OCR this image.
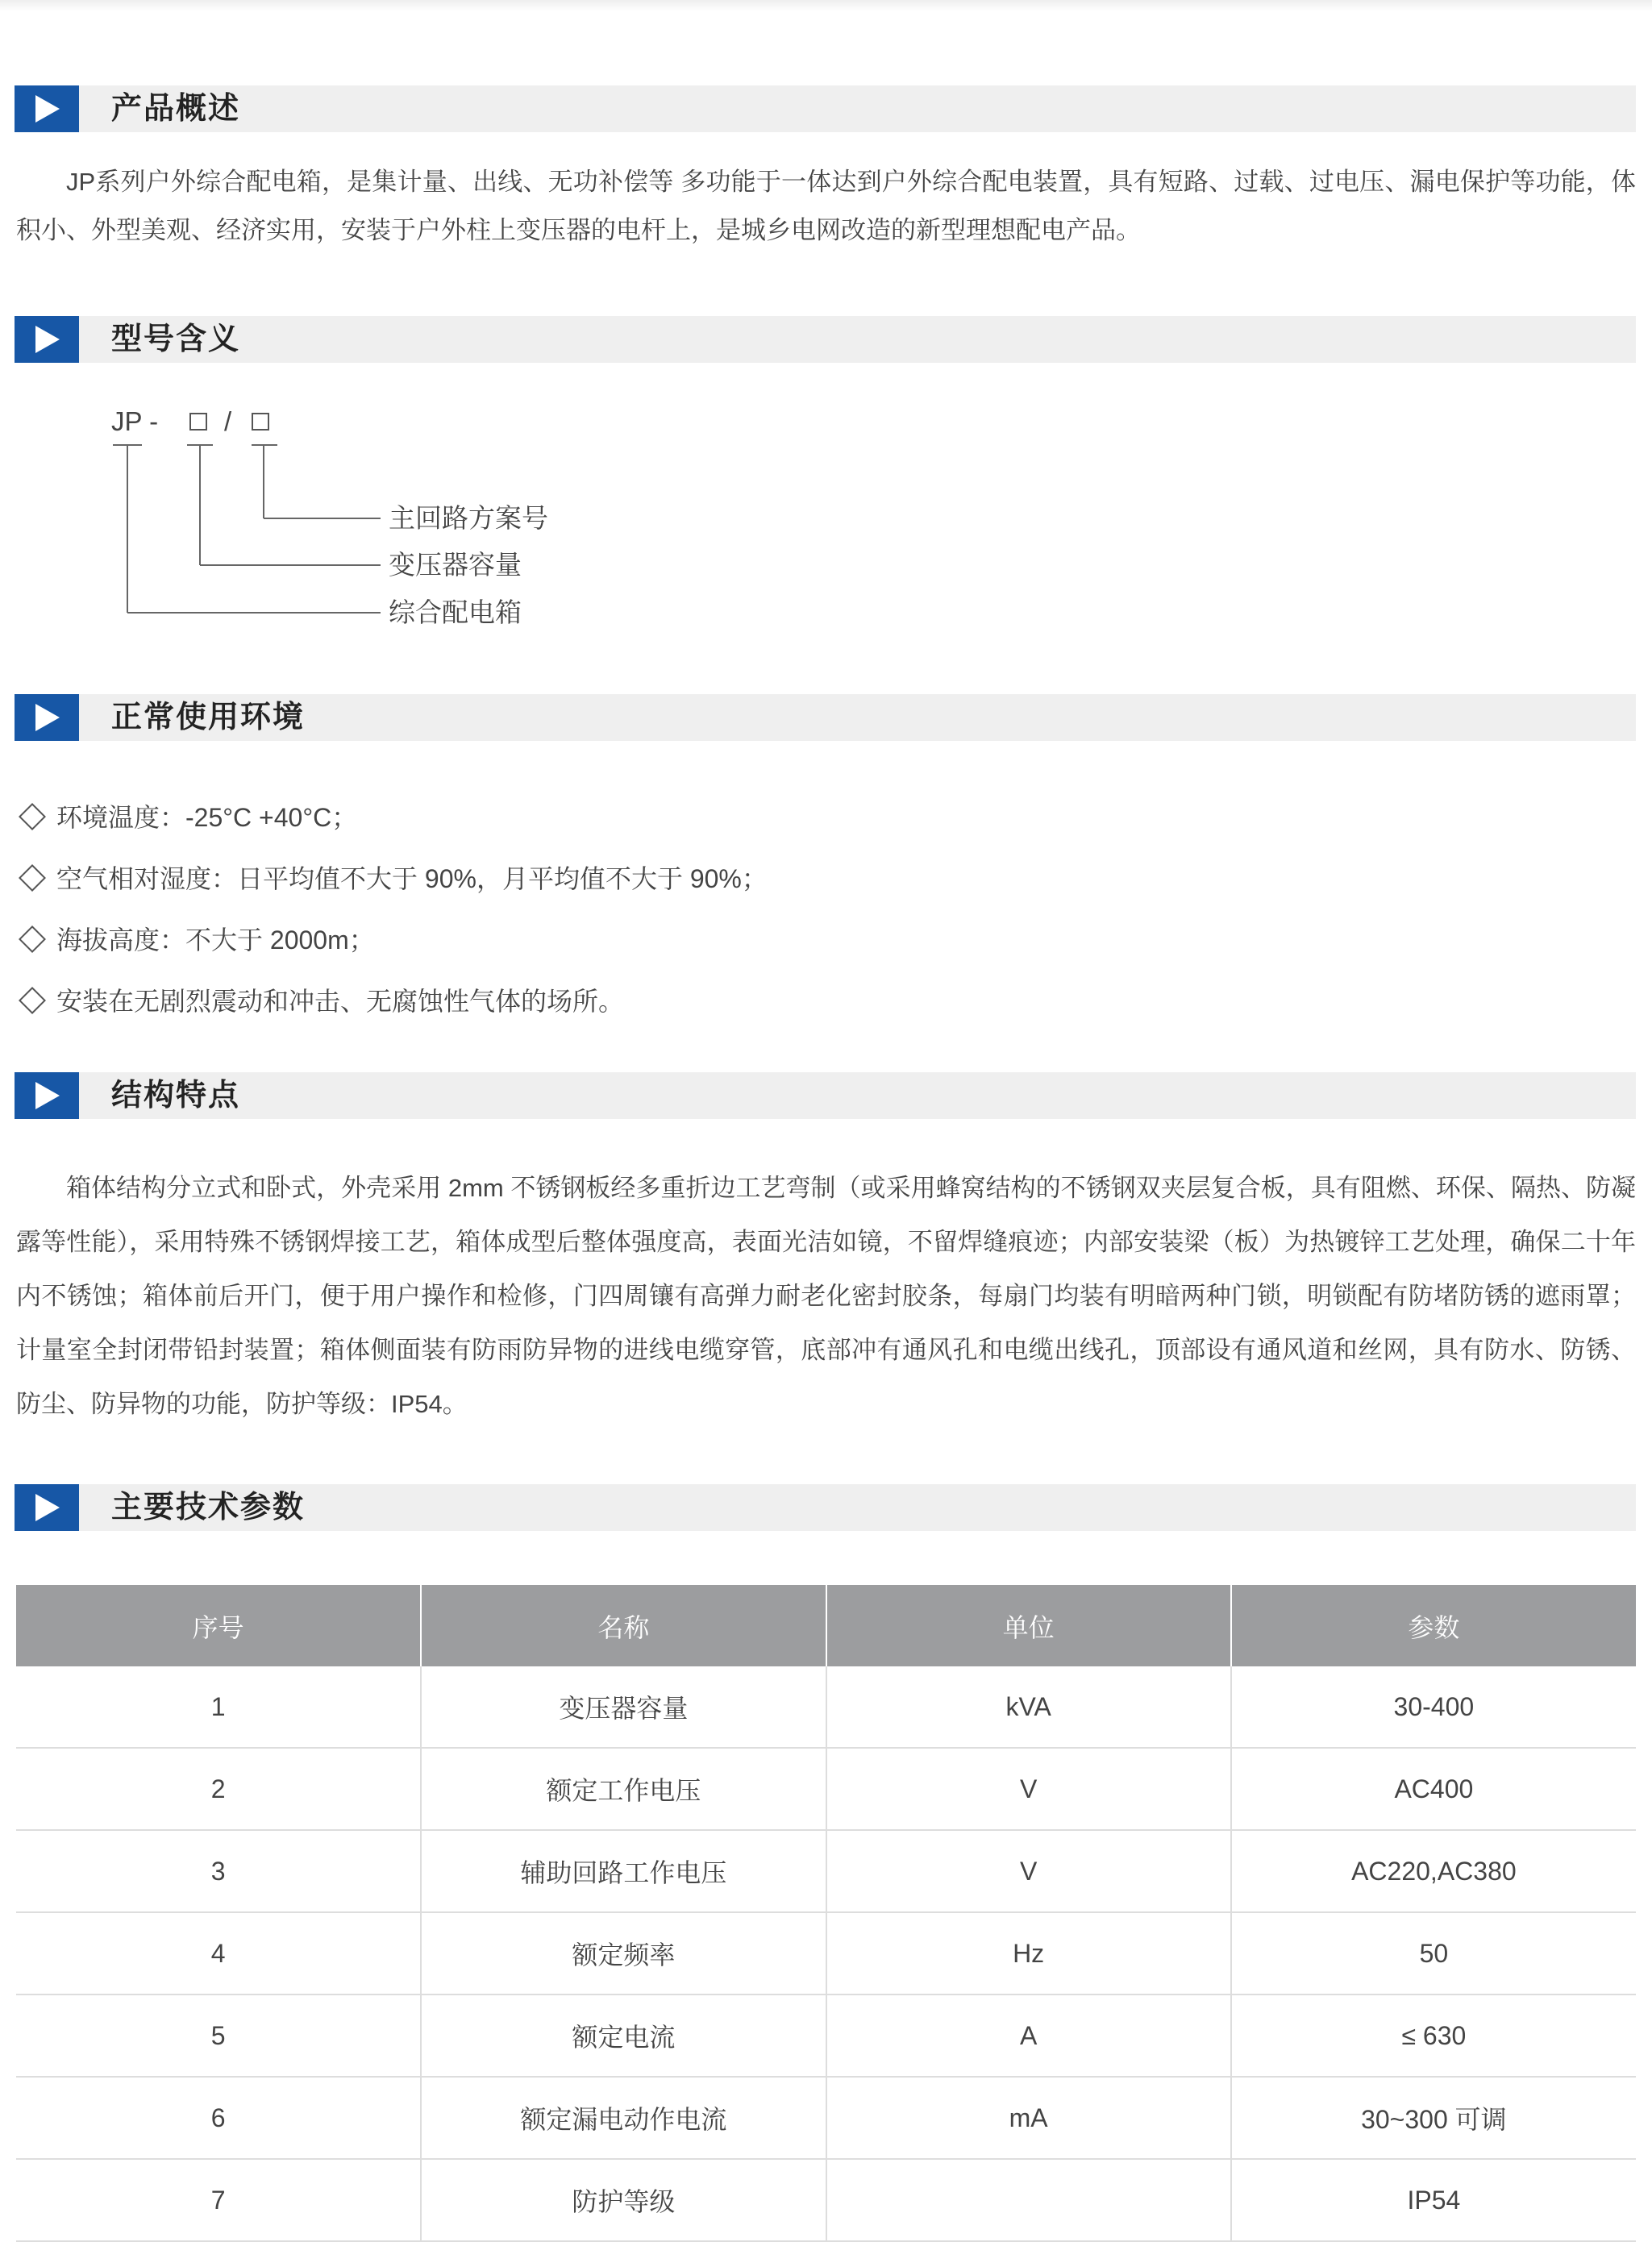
产品概述

JP系列户外综合配电箱，是集计量、出线、无功补偿等 多功能于一体达到户外综合配电装置，具有短路、过载、过电压、漏电保护等功能，体积小、外型美观、经济实用，安装于户外柱上变压器的电杆上，是城乡电网改造的新型理想配电产品。

型号含义
JP - /
主回路方案号
变压器容量
综合配电箱
正常使用环境
环境温度：-25°C +40°C；
空气相对湿度：日平均值不大于 90%，月平均值不大于 90%；
海拔高度：不大于 2000m；
安装在无剧烈震动和冲击、无腐蚀性气体的场所。
结构特点

箱体结构分立式和卧式，外壳采用 2mm 不锈钢板经多重折边工艺弯制（或采用蜂窝结构的不锈钢双夹层复合板，具有阻燃、环保、隔热、防凝露等性能），采用特殊不锈钢焊接工艺，箱体成型后整体强度高，表面光洁如镜，不留焊缝痕迹；内部安装梁（板）为热镀锌工艺处理，确保二十年内不锈蚀；箱体前后开门，便于用户操作和检修，门四周镶有高弹力耐老化密封胶条，每扇门均装有明暗两种门锁，明锁配有防堵防锈的遮雨罩；计量室全封闭带铅封装置；箱体侧面装有防雨防异物的进线电缆穿管，底部冲有通风孔和电缆出线孔，顶部设有通风道和丝网，具有防水、防锈、防尘、防异物的功能，防护等级：IP54。

主要技术参数
序号	名称	单位	参数
1	变压器容量	kVA	30-400
2	额定工作电压	V	AC400
3	辅助回路工作电压	V	AC220,AC380
4	额定频率	Hz	50
5	额定电流	A	≤ 630
6	额定漏电动作电流	mA	30~300 可调
7	防护等级		IP54
